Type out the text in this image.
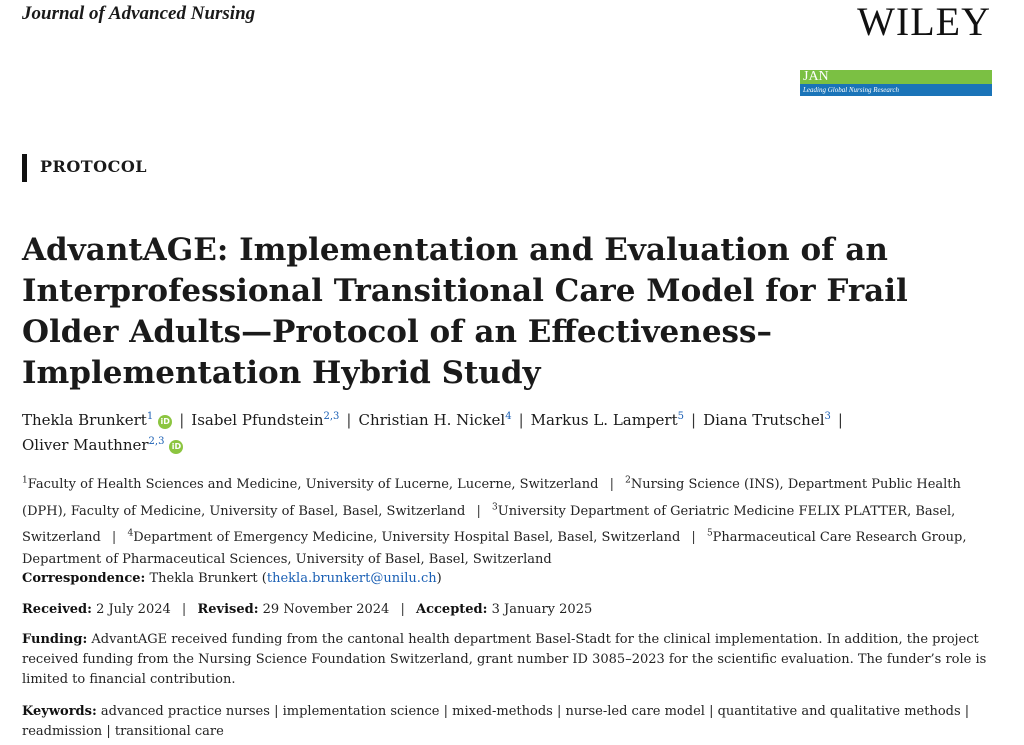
Journal of Advanced Nursing	WILEY
JAN
Leading Global Nursing Research
PROTOCOL
AdvantAGE: Implementation and Evaluation of an Interprofessional Transitional Care Model for Frail Older Adults—Protocol of an Effectiveness–Implementation Hybrid Study
Thekla Brunkert$^1$ iD | Isabel Pfundstein$^{2,3}$ | Christian H. Nickel$^4$ | Markus L. Lampert$^5$ | Diana Trutschel$^3$ |
Oliver Mauthner$^{2,3}$ iD
$^1$Faculty of Health Sciences and Medicine, University of Lucerne, Lucerne, Switzerland | $^2$Nursing Science (INS), Department Public Health (DPH), Faculty of Medicine, University of Basel, Basel, Switzerland | $^3$University Department of Geriatric Medicine FELIX PLATTER, Basel, Switzerland | $^4$Department of Emergency Medicine, University Hospital Basel, Basel, Switzerland | $^5$Pharmaceutical Care Research Group, Department of Pharmaceutical Sciences, University of Basel, Basel, Switzerland
Correspondence: Thekla Brunkert (thekla.brunkert@unilu.ch)
Received: 2 July 2024 | Revised: 29 November 2024 | Accepted: 3 January 2025
Funding: AdvantAGE received funding from the cantonal health department Basel-Stadt for the clinical implementation. In addition, the project received funding from the Nursing Science Foundation Switzerland, grant number ID 3085–2023 for the scientific evaluation. The funder’s role is limited to financial contribution.
Keywords: advanced practice nurses | implementation science | mixed-methods | nurse-led care model | quantitative and qualitative methods | readmission | transitional care
